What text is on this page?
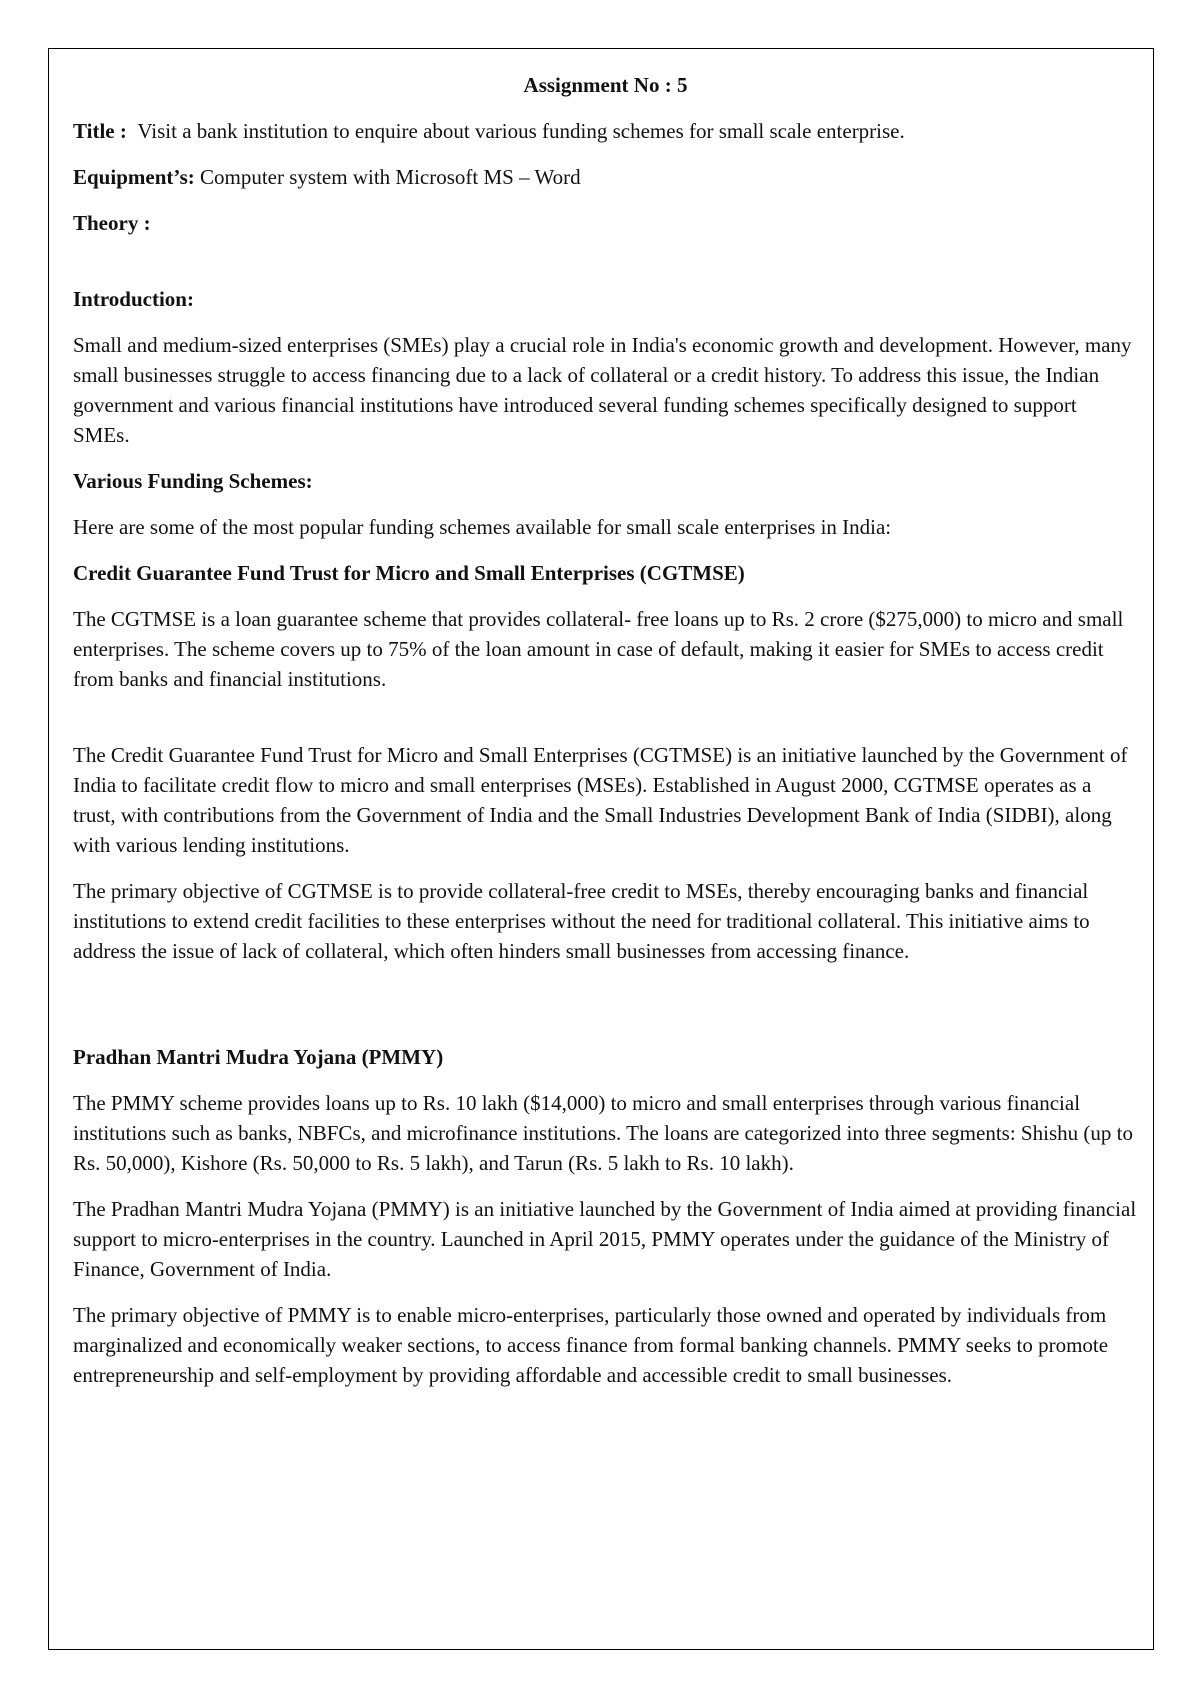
Assignment No : 5

Title : Visit a bank institution to enquire about various funding schemes for small scale enterprise.

Equipment’s: Computer system with Microsoft MS – Word

Theory :

Introduction:

Small and medium-sized enterprises (SMEs) play a crucial role in India's economic growth and development. However, many small businesses struggle to access financing due to a lack of collateral or a credit history. To address this issue, the Indian government and various financial institutions have introduced several funding schemes specifically designed to support SMEs.

Various Funding Schemes:

Here are some of the most popular funding schemes available for small scale enterprises in India:

Credit Guarantee Fund Trust for Micro and Small Enterprises (CGTMSE)

The CGTMSE is a loan guarantee scheme that provides collateral- free loans up to Rs. 2 crore ($275,000) to micro and small enterprises. The scheme covers up to 75% of the loan amount in case of default, making it easier for SMEs to access credit from banks and financial institutions.

The Credit Guarantee Fund Trust for Micro and Small Enterprises (CGTMSE) is an initiative launched by the Government of India to facilitate credit flow to micro and small enterprises (MSEs). Established in August 2000, CGTMSE operates as a trust, with contributions from the Government of India and the Small Industries Development Bank of India (SIDBI), along with various lending institutions.

The primary objective of CGTMSE is to provide collateral-free credit to MSEs, thereby encouraging banks and financial institutions to extend credit facilities to these enterprises without the need for traditional collateral. This initiative aims to address the issue of lack of collateral, which often hinders small businesses from accessing finance.

Pradhan Mantri Mudra Yojana (PMMY)

The PMMY scheme provides loans up to Rs. 10 lakh ($14,000) to micro and small enterprises through various financial institutions such as banks, NBFCs, and microfinance institutions. The loans are categorized into three segments: Shishu (up to Rs. 50,000), Kishore (Rs. 50,000 to Rs. 5 lakh), and Tarun (Rs. 5 lakh to Rs. 10 lakh).

The Pradhan Mantri Mudra Yojana (PMMY) is an initiative launched by the Government of India aimed at providing financial support to micro-enterprises in the country. Launched in April 2015, PMMY operates under the guidance of the Ministry of Finance, Government of India.

The primary objective of PMMY is to enable micro-enterprises, particularly those owned and operated by individuals from marginalized and economically weaker sections, to access finance from formal banking channels. PMMY seeks to promote entrepreneurship and self-employment by providing affordable and accessible credit to small businesses.
